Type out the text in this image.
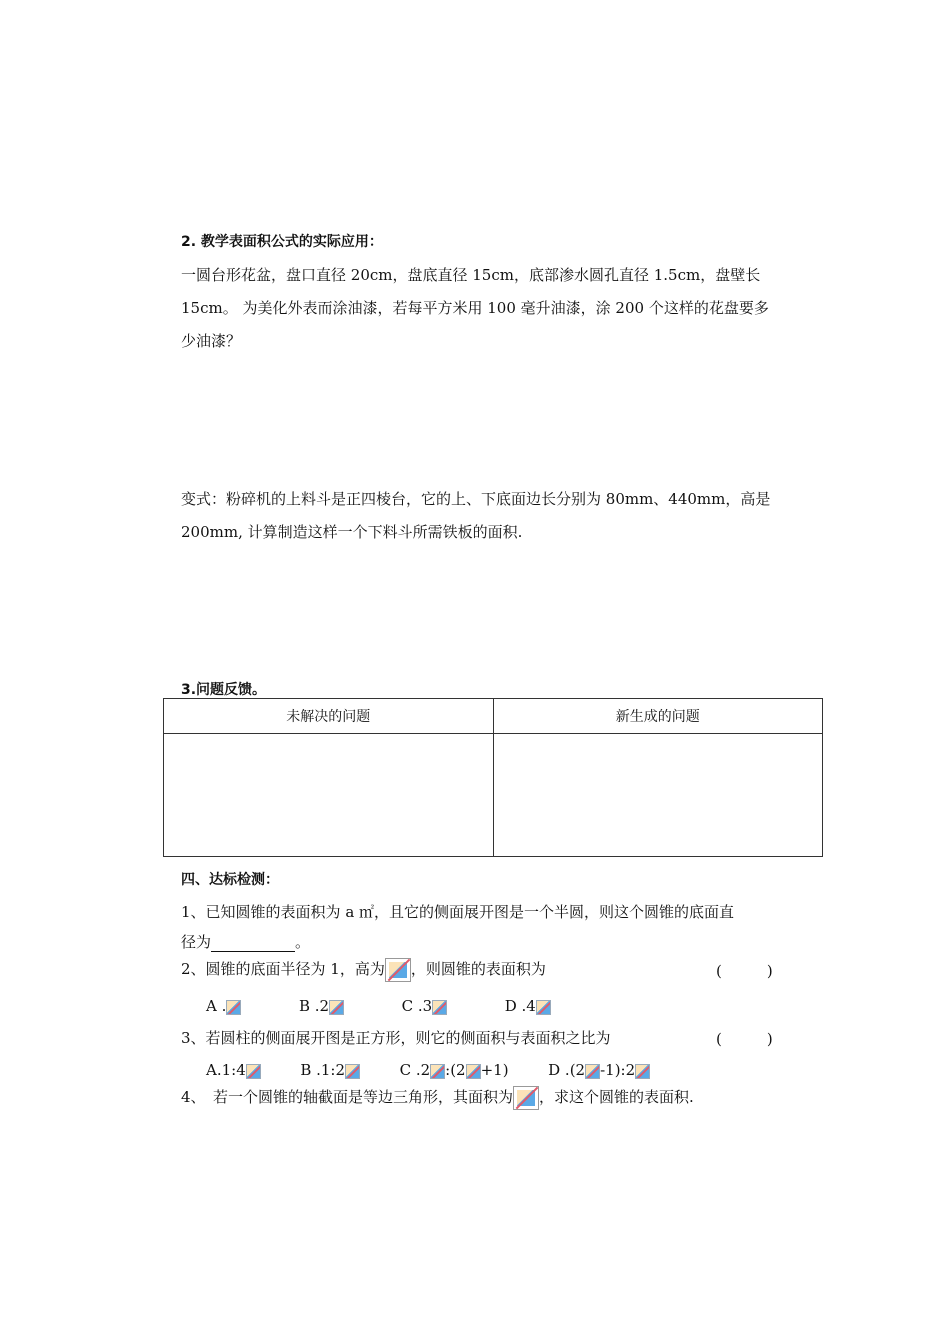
2. 教学表面积公式的实际应用：
一圆台形花盆，盘口直径 20cm，盘底直径 15cm，底部渗水圆孔直径 1.5cm，盘壁长
15cm。 为美化外表而涂油漆，若每平方米用 100 毫升油漆，涂 200 个这样的花盘要多
少油漆？
变式：粉碎机的上料斗是正四棱台，它的上、下底面边长分别为 80mm、440mm，高是
200mm, 计算制造这样一个下料斗所需铁板的面积.
3.问题反馈。
未解决的问题	新生成的问题

四、达标检测：
1、已知圆锥的表面积为 a ㎡，且它的侧面展开图是一个半圆，则这个圆锥的底面直
径为	。
2、圆锥的底面半径为 1，高为 ，则圆锥的表面积为	(　　　)
A .	B .2	C .3	D .4
3、若圆柱的侧面展开图是正方形，则它的侧面积与表面积之比为	(　　　)
A.1:4	B .1:2	C .2 :(2 +1)	D .(2 -1):2
4、　若一个圆锥的轴截面是等边三角形，其面积为 ，求这个圆锥的表面积.
